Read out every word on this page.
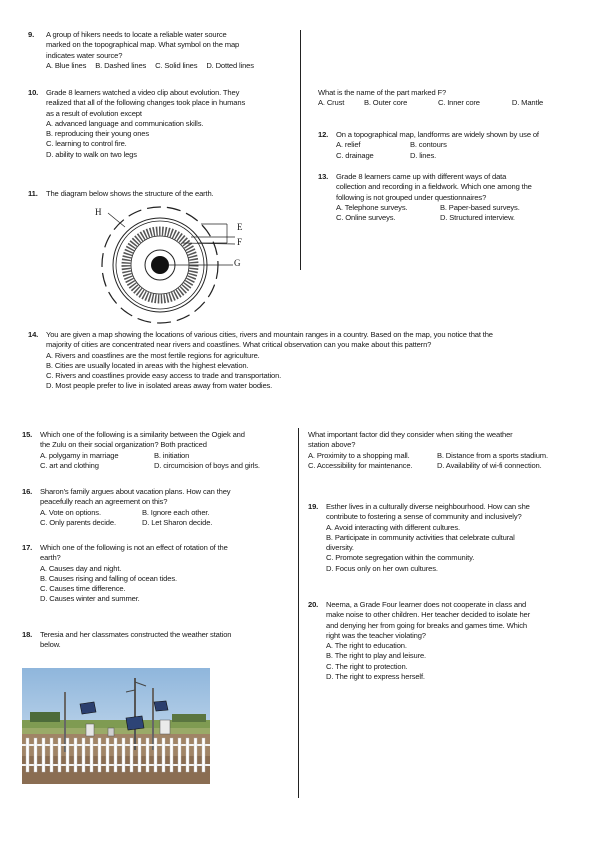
9. A group of hikers needs to locate a reliable water source
marked on the topographical map. What symbol on the map
indicates water source?
A. Blue lines B. Dashed lines C. Solid lines D. Dotted lines
10. Grade 8 learners watched a video clip about evolution. They
realized that all of the following changes took place in humans
as a result of evolution except
A. advanced language and communication skills.
B. reproducing their young ones
C. learning to control fire.
D. ability to walk on two legs
11. The diagram below shows the structure of the earth.
H
E
F
G
What is the name of the part marked F?
A. Crust	B. Outer core	C. Inner core	D. Mantle
12. On a topographical map, landforms are widely shown by use of
A. relief	B. contours
C. drainage	D. lines.
13. Grade 8 learners came up with different ways of data
collection and recording in a fieldwork. Which one among the
following is not grouped under questionnaires?
A. Telephone surveys.	B. Paper-based surveys.
C. Online surveys.	D. Structured interview.
14. You are given a map showing the locations of various cities, rivers and mountain ranges in a country. Based on the map, you notice that the
majority of cities are concentrated near rivers and coastlines. What critical observation can you make about this pattern?
A. Rivers and coastlines are the most fertile regions for agriculture.
B. Cities are usually located in areas with the highest elevation.
C. Rivers and coastlines provide easy access to trade and transportation.
D. Most people prefer to live in isolated areas away from water bodies.
15. Which one of the following is a similarity between the Ogiek and
the Zulu on their social organization? Both practiced
A. polygamy in marriage	B. initiation
C. art and clothing	D. circumcision of boys and girls.
16. Sharon's family argues about vacation plans. How can they
peacefully reach an agreement on this?
A. Vote on options.	B. Ignore each other.
C. Only parents decide.	D. Let Sharon decide.
17. Which one of the following is not an effect of rotation of the
earth?
A. Causes day and night.
B. Causes rising and falling of ocean tides.
C. Causes time difference.
D. Causes winter and summer.
18. Teresia and her classmates constructed the weather station
below.
What important factor did they consider when siting the weather
station above?
A. Proximity to a shopping mall.	B. Distance from a sports stadium.
C. Accessibility for maintenance.	D. Availability of wi-fi connection.
19. Esther lives in a culturally diverse neighbourhood. How can she
contribute to fostering a sense of community and inclusively?
A. Avoid interacting with different cultures.
B. Participate in community activities that celebrate cultural
diversity.
C. Promote segregation within the community.
D. Focus only on her own cultures.
20. Neema, a Grade Four learner does not cooperate in class and
make noise to other children. Her teacher decided to isolate her
and denying her from going for breaks and games time. Which
right was the teacher violating?
A. The right to education.
B. The right to play and leisure.
C. The right to protection.
D. The right to express herself.
